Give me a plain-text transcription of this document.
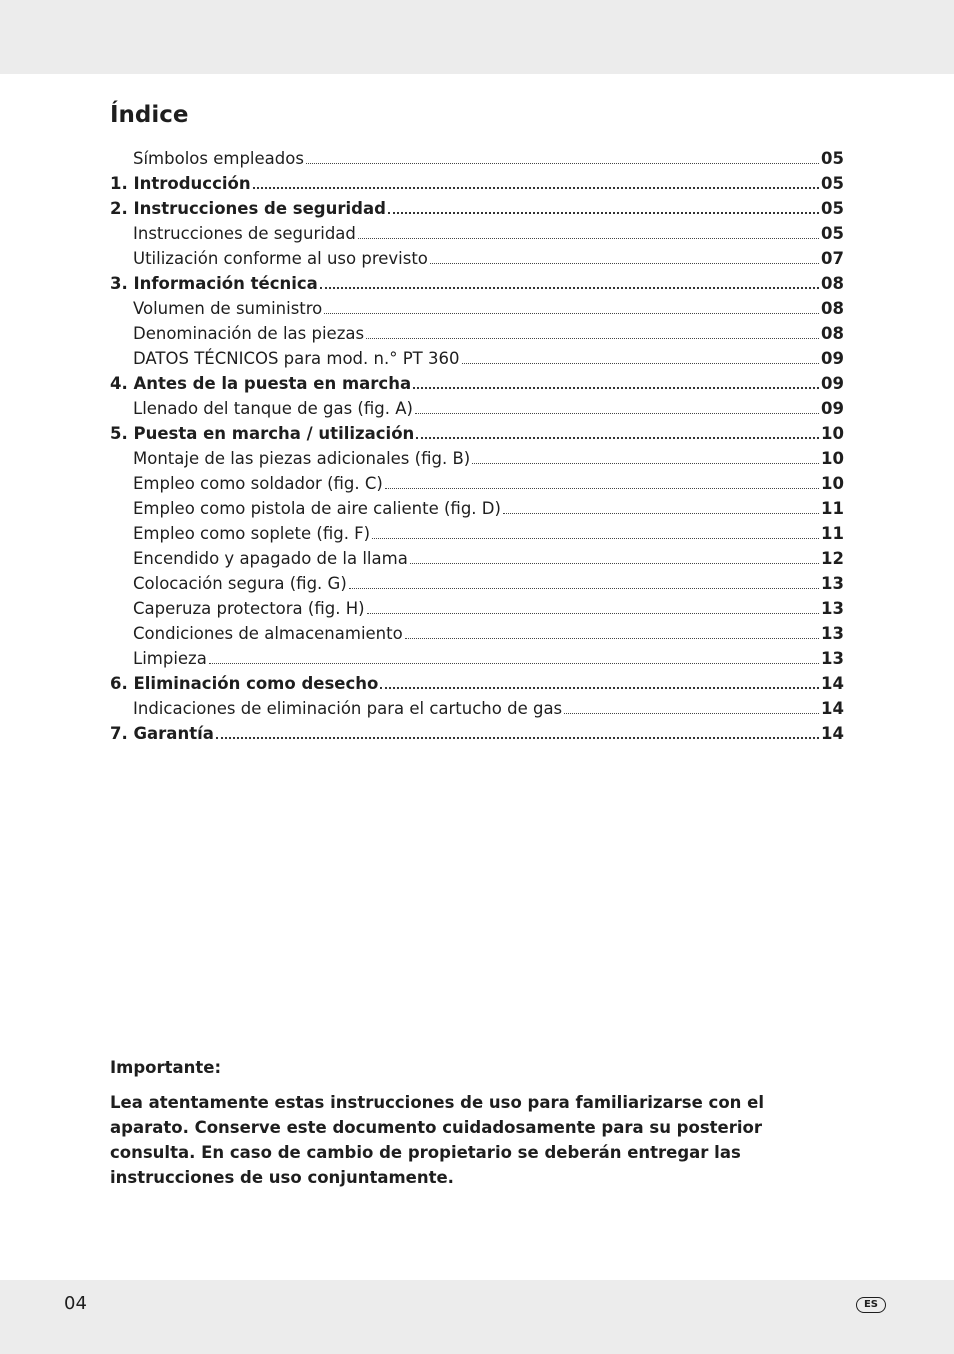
Índice
Símbolos empleados	05
1. Introducción	05
2. Instrucciones de seguridad	05
Instrucciones de seguridad	05
Utilización conforme al uso previsto	07
3. Información técnica	08
Volumen de suministro	08
Denominación de las piezas	08
DATOS TÉCNICOS para mod. n.° PT 360	09
4. Antes de la puesta en marcha	09
Llenado del tanque de gas (fig. A)	09
5. Puesta en marcha / utilización	10
Montaje de las piezas adicionales (fig. B)	10
Empleo como soldador (fig. C)	10
Empleo como pistola de aire caliente (fig. D)	11
Empleo como soplete (fig. F)	11
Encendido y apagado de la llama	12
Colocación segura (fig. G)	13
Caperuza protectora (fig. H)	13
Condiciones de almacenamiento	13
Limpieza	13
6. Eliminación como desecho	14
Indicaciones de eliminación para el cartucho de gas	14
7. Garantía	14
Importante:

Lea atentamente estas instrucciones de uso para familiarizarse con el aparato. Conserve este documento cuidadosamente para su posterior consulta. En caso de cambio de propietario se deberán entregar las instrucciones de uso conjuntamente.

04	ES
